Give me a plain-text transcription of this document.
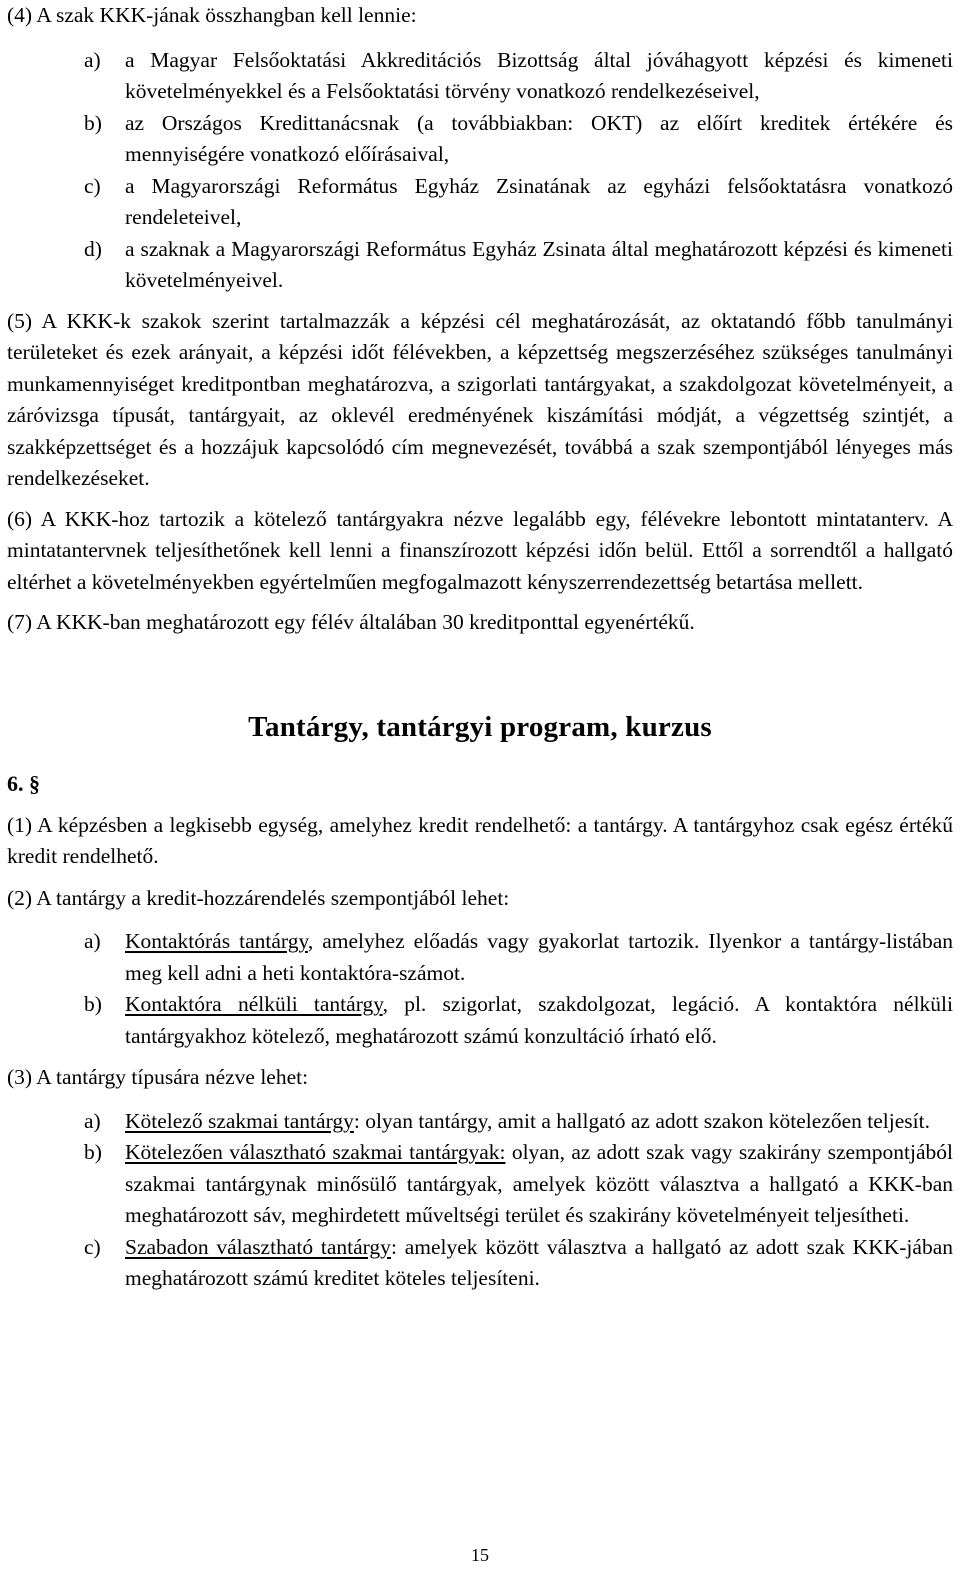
(4) A szak KKK-jának összhangban kell lennie:

a)	a Magyar Felsőoktatási Akkreditációs Bizottság által jóváhagyott képzési és kimeneti követelményekkel és a Felsőoktatási törvény vonatkozó rendelkezéseivel,
b)	az Országos Kredittanácsnak (a továbbiakban: OKT) az előírt kreditek értékére és mennyiségére vonatkozó előírásaival,
c)	a Magyarországi Református Egyház Zsinatának az egyházi felsőoktatásra vonatkozó rendeleteivel,
d)	a szaknak a Magyarországi Református Egyház Zsinata által meghatározott képzési és kimeneti követelményeivel.

(5) A KKK-k szakok szerint tartalmazzák a képzési cél meghatározását, az oktatandó főbb tanulmányi területeket és ezek arányait, a képzési időt félévekben, a képzettség megszerzéséhez szükséges tanulmányi munkamennyiséget kreditpontban meghatározva, a szigorlati tantárgyakat, a szakdolgozat követelményeit, a záróvizsga típusát, tantárgyait, az oklevél eredményének kiszámítási módját, a végzettség szintjét, a szakképzettséget és a hozzájuk kapcsolódó cím megnevezését, továbbá a szak szempontjából lényeges más rendelkezéseket.

(6) A KKK-hoz tartozik a kötelező tantárgyakra nézve legalább egy, félévekre lebontott mintatanterv. A mintatantervnek teljesíthetőnek kell lenni a finanszírozott képzési időn belül. Ettől a sorrendtől a hallgató eltérhet a követelményekben egyértelműen megfogalmazott kényszerrendezettség betartása mellett.

(7) A KKK-ban meghatározott egy félév általában 30 kreditponttal egyenértékű.

Tantárgy, tantárgyi program, kurzus

6. §

(1) A képzésben a legkisebb egység, amelyhez kredit rendelhető: a tantárgy. A tantárgyhoz csak egész értékű kredit rendelhető.

(2) A tantárgy a kredit-hozzárendelés szempontjából lehet:

a)	Kontaktórás tantárgy, amelyhez előadás vagy gyakorlat tartozik. Ilyenkor a tantárgy-listában meg kell adni a heti kontaktóra-számot.
b)	Kontaktóra nélküli tantárgy, pl. szigorlat, szakdolgozat, legáció. A kontaktóra nélküli tantárgyakhoz kötelező, meghatározott számú konzultáció írható elő.

(3) A tantárgy típusára nézve lehet:

a)	Kötelező szakmai tantárgy: olyan tantárgy, amit a hallgató az adott szakon kötelezően teljesít.
b)	Kötelezően választható szakmai tantárgyak: olyan, az adott szak vagy szakirány szempontjából szakmai tantárgynak minősülő tantárgyak, amelyek között választva a hallgató a KKK-ban meghatározott sáv, meghirdetett műveltségi terület és szakirány követelményeit teljesítheti.
c)	Szabadon választható tantárgy: amelyek között választva a hallgató az adott szak KKK-jában meghatározott számú kreditet köteles teljesíteni.
15
